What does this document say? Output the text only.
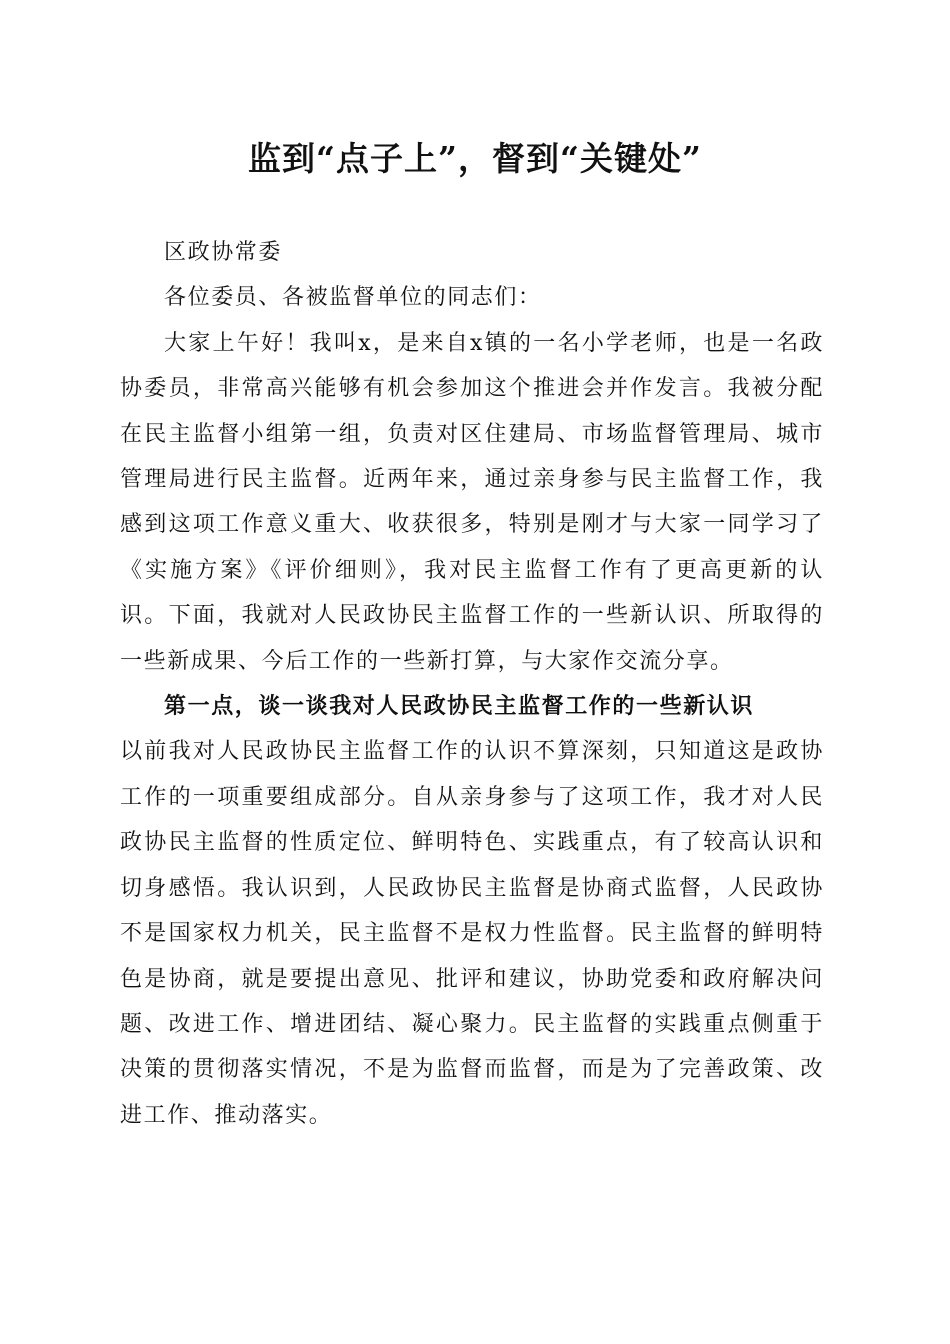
监到“点子上”，督到“关键处”

区政协常委

各位委员、各被监督单位的同志们：

大家上午好！我叫x，是来自x镇的一名小学老师，也是一名政协委员，非常高兴能够有机会参加这个推进会并作发言。我被分配在民主监督小组第一组，负责对区住建局、市场监督管理局、城市管理局进行民主监督。近两年来，通过亲身参与民主监督工作，我感到这项工作意义重大、收获很多，特别是刚才与大家一同学习了《实施方案》《评价细则》，我对民主监督工作有了更高更新的认识。下面，我就对人民政协民主监督工作的一些新认识、所取得的一些新成果、今后工作的一些新打算，与大家作交流分享。

第一点，谈一谈我对人民政协民主监督工作的一些新认识

以前我对人民政协民主监督工作的认识不算深刻，只知道这是政协工作的一项重要组成部分。自从亲身参与了这项工作，我才对人民政协民主监督的性质定位、鲜明特色、实践重点，有了较高认识和切身感悟。我认识到，人民政协民主监督是协商式监督，人民政协不是国家权力机关，民主监督不是权力性监督。民主监督的鲜明特色是协商，就是要提出意见、批评和建议，协助党委和政府解决问题、改进工作、增进团结、凝心聚力。民主监督的实践重点侧重于决策的贯彻落实情况，不是为监督而监督，而是为了完善政策、改进工作、推动落实。
